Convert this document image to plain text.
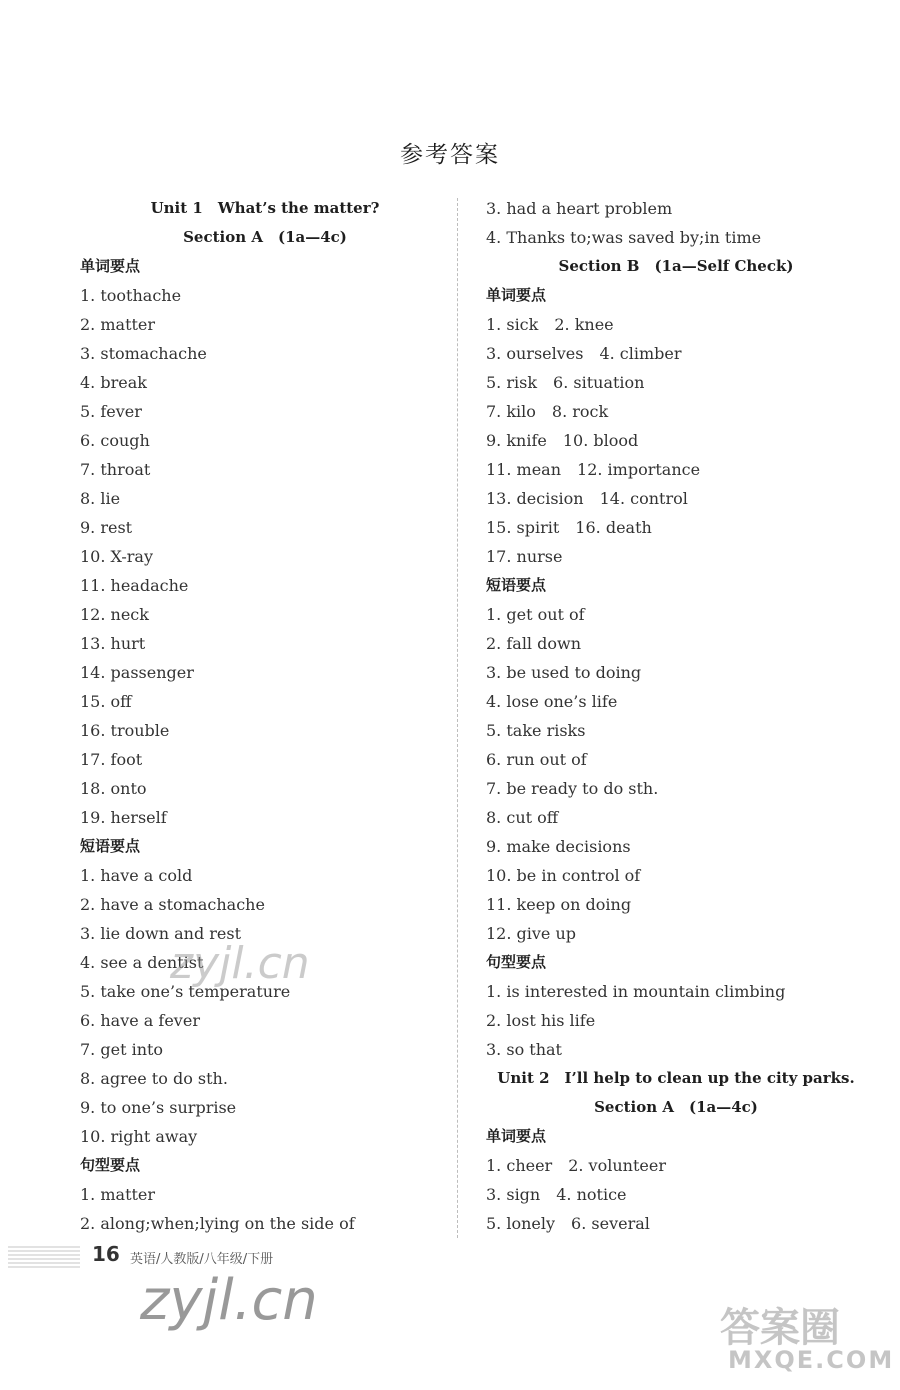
参考答案
Unit 1　What’s the matter?
Section A　(1a—4c)
单词要点
1. toothache
2. matter
3. stomachache
4. break
5. fever
6. cough
7. throat
8. lie
9. rest
10. X-ray
11. headache
12. neck
13. hurt
14. passenger
15. off
16. trouble
17. foot
18. onto
19. herself
短语要点
1. have a cold
2. have a stomachache
3. lie down and rest
4. see a dentist
5. take one’s temperature
6. have a fever
7. get into
8. agree to do sth.
9. to one’s surprise
10. right away
句型要点
1. matter
2. along;when;lying on the side of
3. had a heart problem
4. Thanks to;was saved by;in time
Section B　(1a—Self Check)
单词要点
1. sick　2. knee
3. ourselves　4. climber
5. risk　6. situation
7. kilo　8. rock
9. knife　10. blood
11. mean　12. importance
13. decision　14. control
15. spirit　16. death
17. nurse
短语要点
1. get out of
2. fall down
3. be used to doing
4. lose one’s life
5. take risks
6. run out of
7. be ready to do sth.
8. cut off
9. make decisions
10. be in control of
11. keep on doing
12. give up
句型要点
1. is interested in mountain climbing
2. lost his life
3. so that
Unit 2　I’ll help to clean up the city parks.
Section A　(1a—4c)
单词要点
1. cheer　2. volunteer
3. sign　4. notice
5. lonely　6. several
16 英语/人教版/八年级/下册
zyjl.cn
zyjl.cn	答案圈
MXQE.COM
